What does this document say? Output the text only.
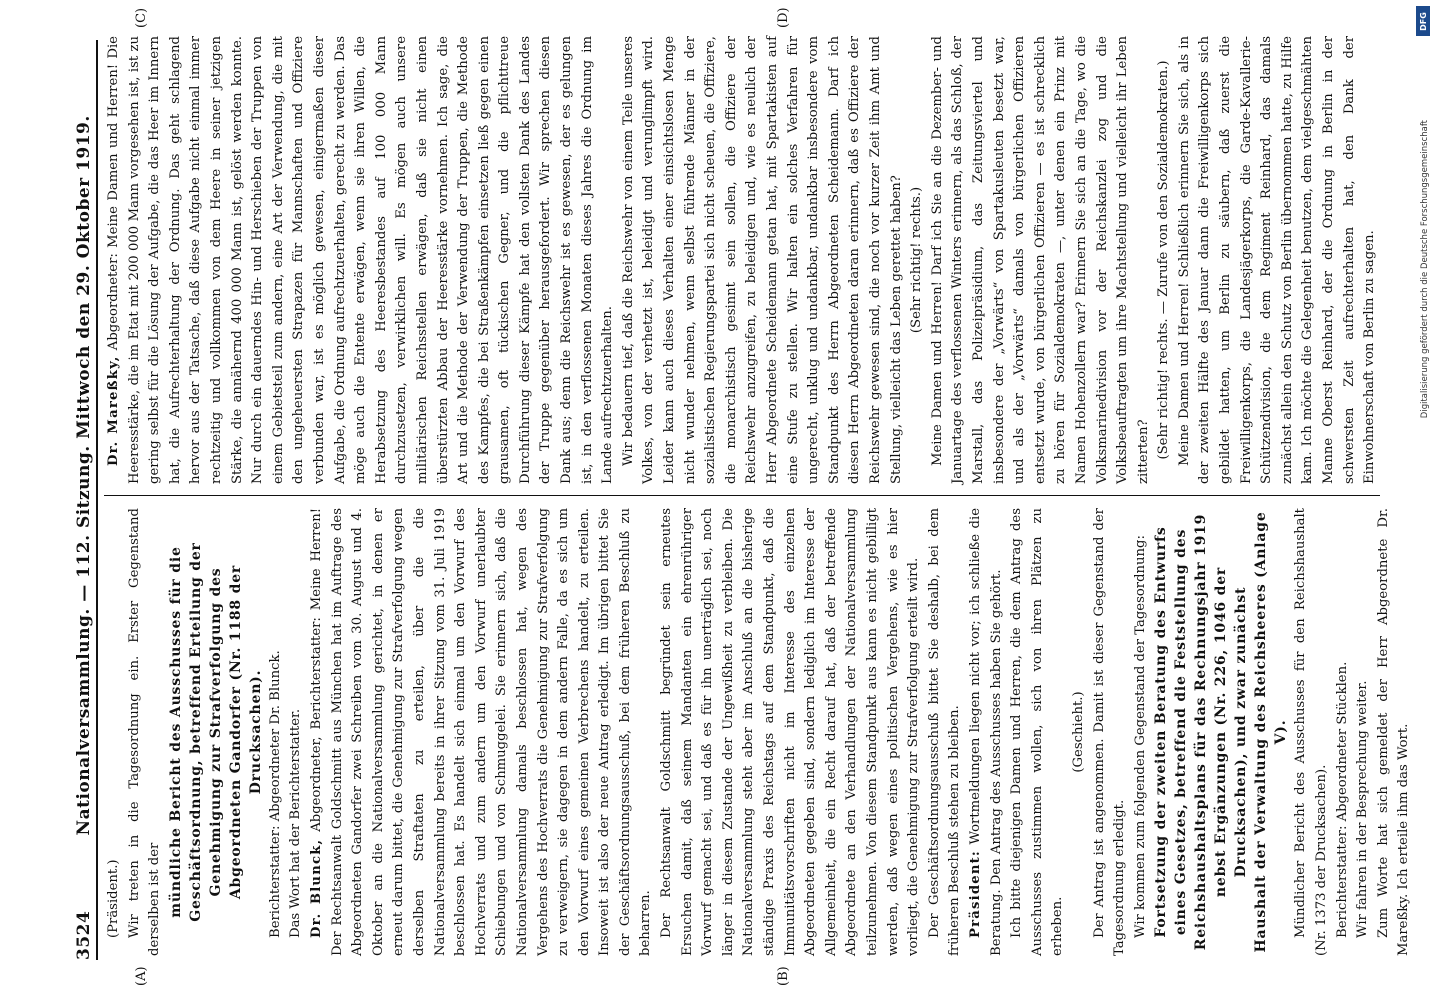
3524
Nationalversammlung. — 112. Sitzung. Mittwoch den 29. Oktober 1919.

(Präsident.) Wir treten in die Tagesordnung ein. Erster Gegenstand derselben ist der mündliche Bericht des Ausschusses für die Geschäftsordnung, betreffend Erteilung der Genehmigung zur Strafverfolgung des Abgeordneten Gandorfer (Nr. 1188 der Drucksachen). Berichterstatter: Abgeordneter Dr. Blunck. Das Wort hat der Berichterstatter. Dr. Blunck, Abgeordneter, Berichterstatter: Meine Herren! Der Rechtsanwalt Goldschmitt aus München hat im Auftrage des Abgeordneten Gandorfer zwei Schreiben vom 30. August und 4. Oktober an die Nationalversammlung gerichtet, in denen er erneut darum bittet, die Genehmigung zur Strafverfolgung wegen derselben Straftaten zu erteilen, über die die Nationalversammlung bereits in ihrer Sitzung vom 31. Juli 1919 beschlossen hat. Es handelt sich einmal um den Vorwurf des Hochverrats und zum andern um den Vorwurf unerlaubter Schiebungen und von Schmuggelei. Sie erinnern sich, daß die Nationalversammlung damals beschlossen hat, wegen des Vergehens des Hochverrats die Genehmigung zur Strafverfolgung zu verweigern, sie dagegen in dem andern Falle, da es sich um den Vorwurf eines gemeinen Verbrechens handelt, zu erteilen. Insoweit ist also der neue Antrag erledigt. Im übrigen bittet Sie der Geschäftsordnungsausschuß, bei dem früheren Beschluß zu beharren. Der Rechtsanwalt Goldschmitt begründet sein erneutes Ersuchen damit, daß seinem Mandanten ein ehrenrühriger Vorwurf gemacht sei, und daß es für ihn unerträglich sei, noch länger in diesem Zustande der Ungewißheit zu verbleiben. Die Nationalversammlung steht aber im Anschluß an die bisherige ständige Praxis des Reichstags auf dem Standpunkt, daß die Immunitätsvorschriften nicht im Interesse des einzelnen Abgeordneten gegeben sind, sondern lediglich im Interesse der Allgemeinheit, die ein Recht darauf hat, daß der betreffende Abgeordnete an den Verhandlungen der Nationalversammlung teilzunehmen. Von diesem Standpunkt aus kann es nicht gebilligt werden, daß wegen eines politischen Vergehens, wie es hier vorliegt, die Genehmigung zur Strafverfolgung erteilt wird. Der Geschäftsordnungsausschuß bittet Sie deshalb, bei dem früheren Beschluß stehen zu bleiben. Präsident: Wortmeldungen liegen nicht vor; ich schließe die Beratung. Den Antrag des Ausschusses haben Sie gehört. Ich bitte diejenigen Damen und Herren, die dem Antrag des Ausschusses zustimmen wollen, sich von ihren Plätzen zu erheben.

(Geschieht.) Der Antrag ist angenommen. Damit ist dieser Gegenstand der Tagesordnung erledigt. Wir kommen zum folgenden Gegenstand der Tagesordnung: Fortsetzung der zweiten Beratung des Entwurfs eines Gesetzes, betreffend die Feststellung des Reichshaushaltsplans für das Rechnungsjahr 1919 nebst Ergänzungen (Nr. 226, 1046 der Drucksachen), und zwar zunächst Haushalt der Verwaltung des Reichsheeres (Anlage V). Mündlicher Bericht des Ausschusses für den Reichshaushalt (Nr. 1373 der Drucksachen). Berichterstatter: Abgeordneter Stücklen. Wir fahren in der Besprechung weiter. Zum Worte hat sich gemeldet der Herr Abgeordnete Dr. Mareßky. Ich erteile ihm das Wort.

Dr. Mareßky, Abgeordneter: Meine Damen und Herren! Die Heeresstärke, die im Etat mit 200 000 Mann vorgesehen ist, ist zu gering selbst für die Lösung der Aufgabe, die das Heer im Innern hat, die Aufrechterhaltung der Ordnung. Das geht schlagend hervor aus der Tatsache, daß diese Aufgabe nicht einmal immer rechtzeitig und vollkommen von dem Heere in seiner jetzigen Stärke, die annähernd 400 000 Mann ist, gelöst werden konnte. Nur durch ein dauerndes Hin- und Herschieben der Truppen von einem Gebietsteil zum andern, eine Art der Verwendung, die mit den ungeheuersten Strapazen für Mannschaften und Offiziere verbunden war, ist es möglich gewesen, einigermaßen dieser Aufgabe, die Ordnung aufrechtzuerhalten, gerecht zu werden. Das möge auch die Entente erwägen, wenn sie ihren Willen, die Herabsetzung des Heeresbestandes auf 100 000 Mann durchzusetzen, verwirklichen will. Es mögen auch unsere militärischen Reichsstellen erwägen, daß sie nicht einen überstürzten Abbau der Heeresstärke vornehmen. Ich sage, die Art und die Methode der Verwendung der Truppen, die Methode des Kampfes, die bei Straßenkämpfen einsetzen ließ gegen einen grausamen, oft tückischen Gegner, und die pflichttreue Durchführung dieser Kämpfe hat den vollsten Dank des Landes der Truppe gegenüber herausgefordert. Wir sprechen diesen Dank aus; denn die Reichswehr ist es gewesen, der es gelungen ist, in den verflossenen Monaten dieses Jahres die Ordnung im Lande aufrechtzuerhalten. Wir bedauern tief, daß die Reichswehr von einem Teile unseres Volkes, von der verhetzt ist, beleidigt und verunglimpft wird. Leider kann auch dieses Verhalten einer einsichtslosen Menge nicht wunder nehmen, wenn selbst führende Männer in der sozialistischen Regierungspartei sich nicht scheuen, die Offiziere, die monarchistisch gesinnt sein sollen, die Offiziere der Reichswehr anzugreifen, zu beleidigen und, wie es neulich der Herr Abgeordnete Scheidemann getan hat, mit Spartakisten auf eine Stufe zu stellen. Wir halten ein solches Verfahren für ungerecht, unklug und undankbar, undankbar insbesondere vom Standpunkt des Herrn Abgeordneten Scheidemann. Darf ich diesen Herrn Abgeordneten daran erinnern, daß es Offiziere der Reichswehr gewesen sind, die noch vor kurzer Zeit ihm Amt und Stellung, vielleicht das Leben gerettet haben? (Sehr richtig! rechts.) Meine Damen und Herren! Darf ich Sie an die Dezember- und Januartage des verflossenen Winters erinnern, als das Schloß, der Marstall, das Polizeipräsidium, das Zeitungsviertel und insbesondere der „Vorwärts“ von Spartakusleuten besetzt war, und als der „Vorwärts“ damals von bürgerlichen Offizieren entsetzt wurde, von bürgerlichen Offizieren — es ist schrecklich zu hören für Sozialdemokraten —, unter denen ein Prinz mit Namen Hohenzollern war? Erinnern Sie sich an die Tage, wo die Volksmarinedivision vor der Reichskanzlei zog und die Volksbeauftragten um ihre Machtstellung und vielleicht ihr Leben zitterten? (Sehr richtig! rechts. — Zurufe von den Sozialdemokraten.) Meine Damen und Herren! Schließlich erinnern Sie sich, als in der zweiten Hälfte des Januar dann die Freiwilligenkorps sich gebildet hatten, um Berlin zu säubern, daß zuerst die Freiwilligenkorps, die Landesjägerkorps, die Garde-Kavallerie-Schützendivision, die dem Regiment Reinhard, das damals zunächst allein den Schutz von Berlin übernommen hatte, zu Hilfe kam. Ich möchte die Gelegenheit benutzen, dem vielgeschmähten Manne Oberst Reinhard, der die Ordnung in Berlin in der schwersten Zeit aufrechterhalten hat, den Dank der Einwohnerschaft von Berlin zu sagen.

(A)	(B)
(C)	(D)	DFG
Digitalisierung gefördert durch die Deutsche Forschungsgemeinschaft
